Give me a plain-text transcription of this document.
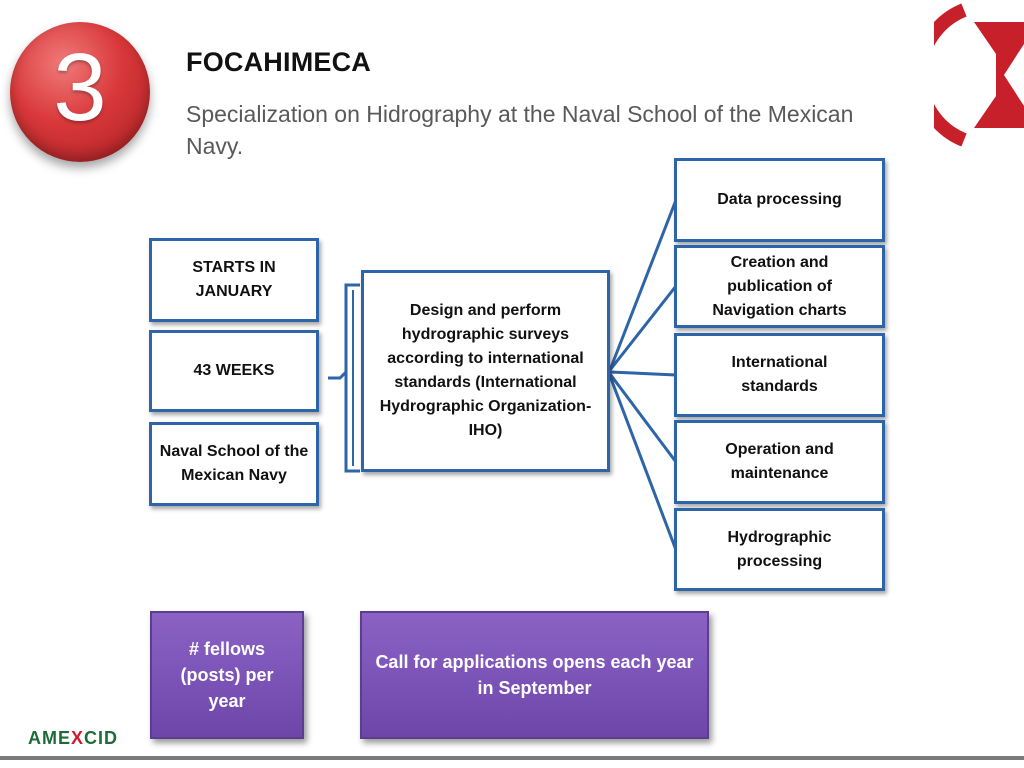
3	FOCAHIMECA
Specialization on Hidrography at the Naval School of the Mexican Navy.
STARTS IN JANUARY
43 WEEKS
Naval School of the Mexican Navy
Design and perform hydrographic surveys according to international standards (International Hydrographic Organization-IHO)
Data processing
Creation and publication of Navigation charts
International standards
Operation and maintenance
Hydrographic processing
# fellows (posts) per year
Call for applications opens each year in September
AMEXCID
